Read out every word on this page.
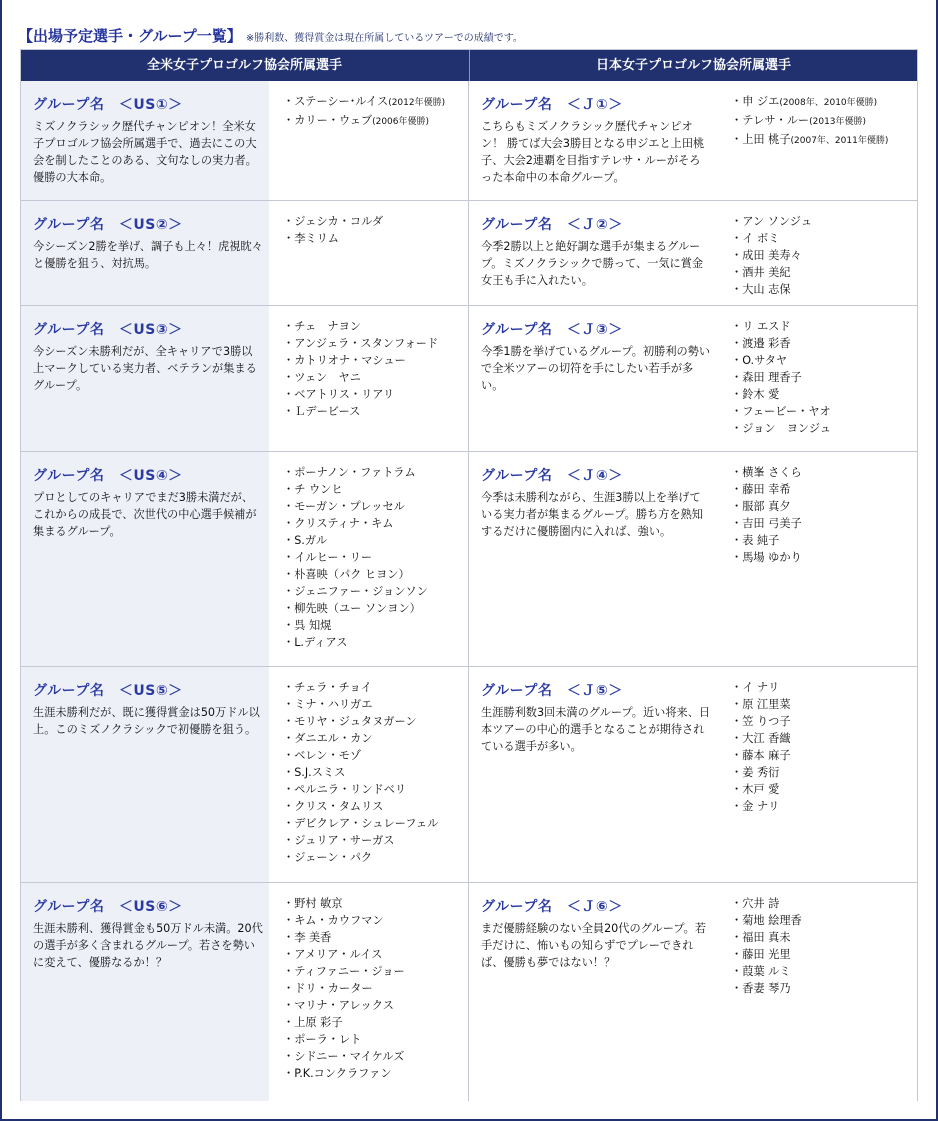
【出場予定選手・グループ一覧】 ※勝利数、獲得賞金は現在所属しているツアーでの成績です。
全米女子プロゴルフ協会所属選手	日本女子プロゴルフ協会所属選手
グループ名　＜US①＞
ミズノクラシック歴代チャンピオン！全米女子プロゴルフ協会所属選手で、過去にこの大会を制したことのある、文句なしの実力者。優勝の大本命。
・ ステーシー･ルイス(2012年優勝)
・ カリー・ウェブ(2006年優勝)
グループ名　＜Ｊ①＞
こちらもミズノクラシック歴代チャンピオン！ 勝てば大会3勝目となる申ジエと上田桃子、大会2連覇を目指すテレサ・ルーがそろった本命中の本命グループ。
・ 申 ジエ(2008年、2010年優勝)
・ テレサ・ルー(2013年優勝)
・ 上田 桃子(2007年、2011年優勝)
グループ名　＜US②＞
今シーズン2勝を挙げ、調子も上々！虎視眈々と優勝を狙う、対抗馬。
・ ジェシカ・コルダ
・ 李ミリム
グループ名　＜Ｊ②＞
今季2勝以上と絶好調な選手が集まるグループ。ミズノクラシックで勝って、一気に賞金女王も手に入れたい。
・ アン ソンジュ
・ イ ボミ
・ 成田 美寿々
・ 酒井 美紀
・ 大山 志保
グループ名　＜US③＞
今シーズン未勝利だが、全キャリアで3勝以上マークしている実力者、ベテランが集まるグループ。
・ チェ　ナヨン
・ アンジェラ・スタンフォード
・ カトリオナ・マシュー
・ ツェン　ヤニ
・ ベアトリス・リアリ
・ Ｌデービース
グループ名　＜Ｊ③＞
今季1勝を挙げているグループ。初勝利の勢いで全米ツアーの切符を手にしたい若手が多い。
・ リ エスド
・ 渡邉 彩香
・ O.サタヤ
・ 森田 理香子
・ 鈴木 愛
・ フェービー・ヤオ
・ ジョン　ヨンジュ
グループ名　＜US④＞
プロとしてのキャリアでまだ3勝未満だが、これからの成長で、次世代の中心選手候補が集まるグループ。
・ ポーナノン・ファトラム
・ チ ウンヒ
・ モーガン・プレッセル
・ クリスティナ・キム
・ S.ガル
・ イルヒー・リー
・ 朴喜映（パク ヒヨン）
・ ジェニファー・ジョンソン
・ 柳先映（ユー ソンヨン）
・ 呉 知熀
・ L.ディアス
グループ名　＜Ｊ④＞
今季は未勝利ながら、生涯3勝以上を挙げている実力者が集まるグループ。勝ち方を熟知するだけに優勝圏内に入れば、強い。
・ 横峯 さくら
・ 藤田 幸希
・ 服部 真夕
・ 吉田 弓美子
・ 表 純子
・ 馬場 ゆかり
グループ名　＜US⑤＞
生涯未勝利だが、既に獲得賞金は50万ドル以上。このミズノクラシックで初優勝を狙う。
・ チェラ・チョイ
・ ミナ・ハリガエ
・ モリヤ・ジュタヌガーン
・ ダニエル・カン
・ ベレン・モゾ
・ S.J.スミス
・ ペルニラ・リンドベリ
・ クリス・タムリス
・ デビクレア・シュレーフェル
・ ジュリア・サーガス
・ ジェーン・パク
グループ名　＜Ｊ⑤＞
生涯勝利数3回未満のグループ。近い将来、日本ツアーの中心的選手となることが期待されている選手が多い。
・ イ ナリ
・ 原 江里菜
・ 笠 りつ子
・ 大江 香織
・ 藤本 麻子
・ 姜 秀衍
・ 木戸 愛
・ 金 ナリ
グループ名　＜US⑥＞
生涯未勝利、獲得賞金も50万ドル未満。20代の選手が多く含まれるグループ。若さを勢いに変えて、優勝なるか！？
・ 野村 敏京
・ キム・カウフマン
・ 李 美香
・ アメリア・ルイス
・ ティファニー・ジョー
・ ドリ・カーター
・ マリナ・アレックス
・ 上原 彩子
・ ポーラ・レト
・ シドニー・マイケルズ
・ P.K.コンクラファン
グループ名　＜Ｊ⑥＞
まだ優勝経験のない全員20代のグループ。若手だけに、怖いもの知らずでプレーできれば、優勝も夢ではない！？
・ 穴井 詩
・ 菊地 絵理香
・ 福田 真未
・ 藤田 光里
・ 葭葉 ルミ
・ 香妻 琴乃
